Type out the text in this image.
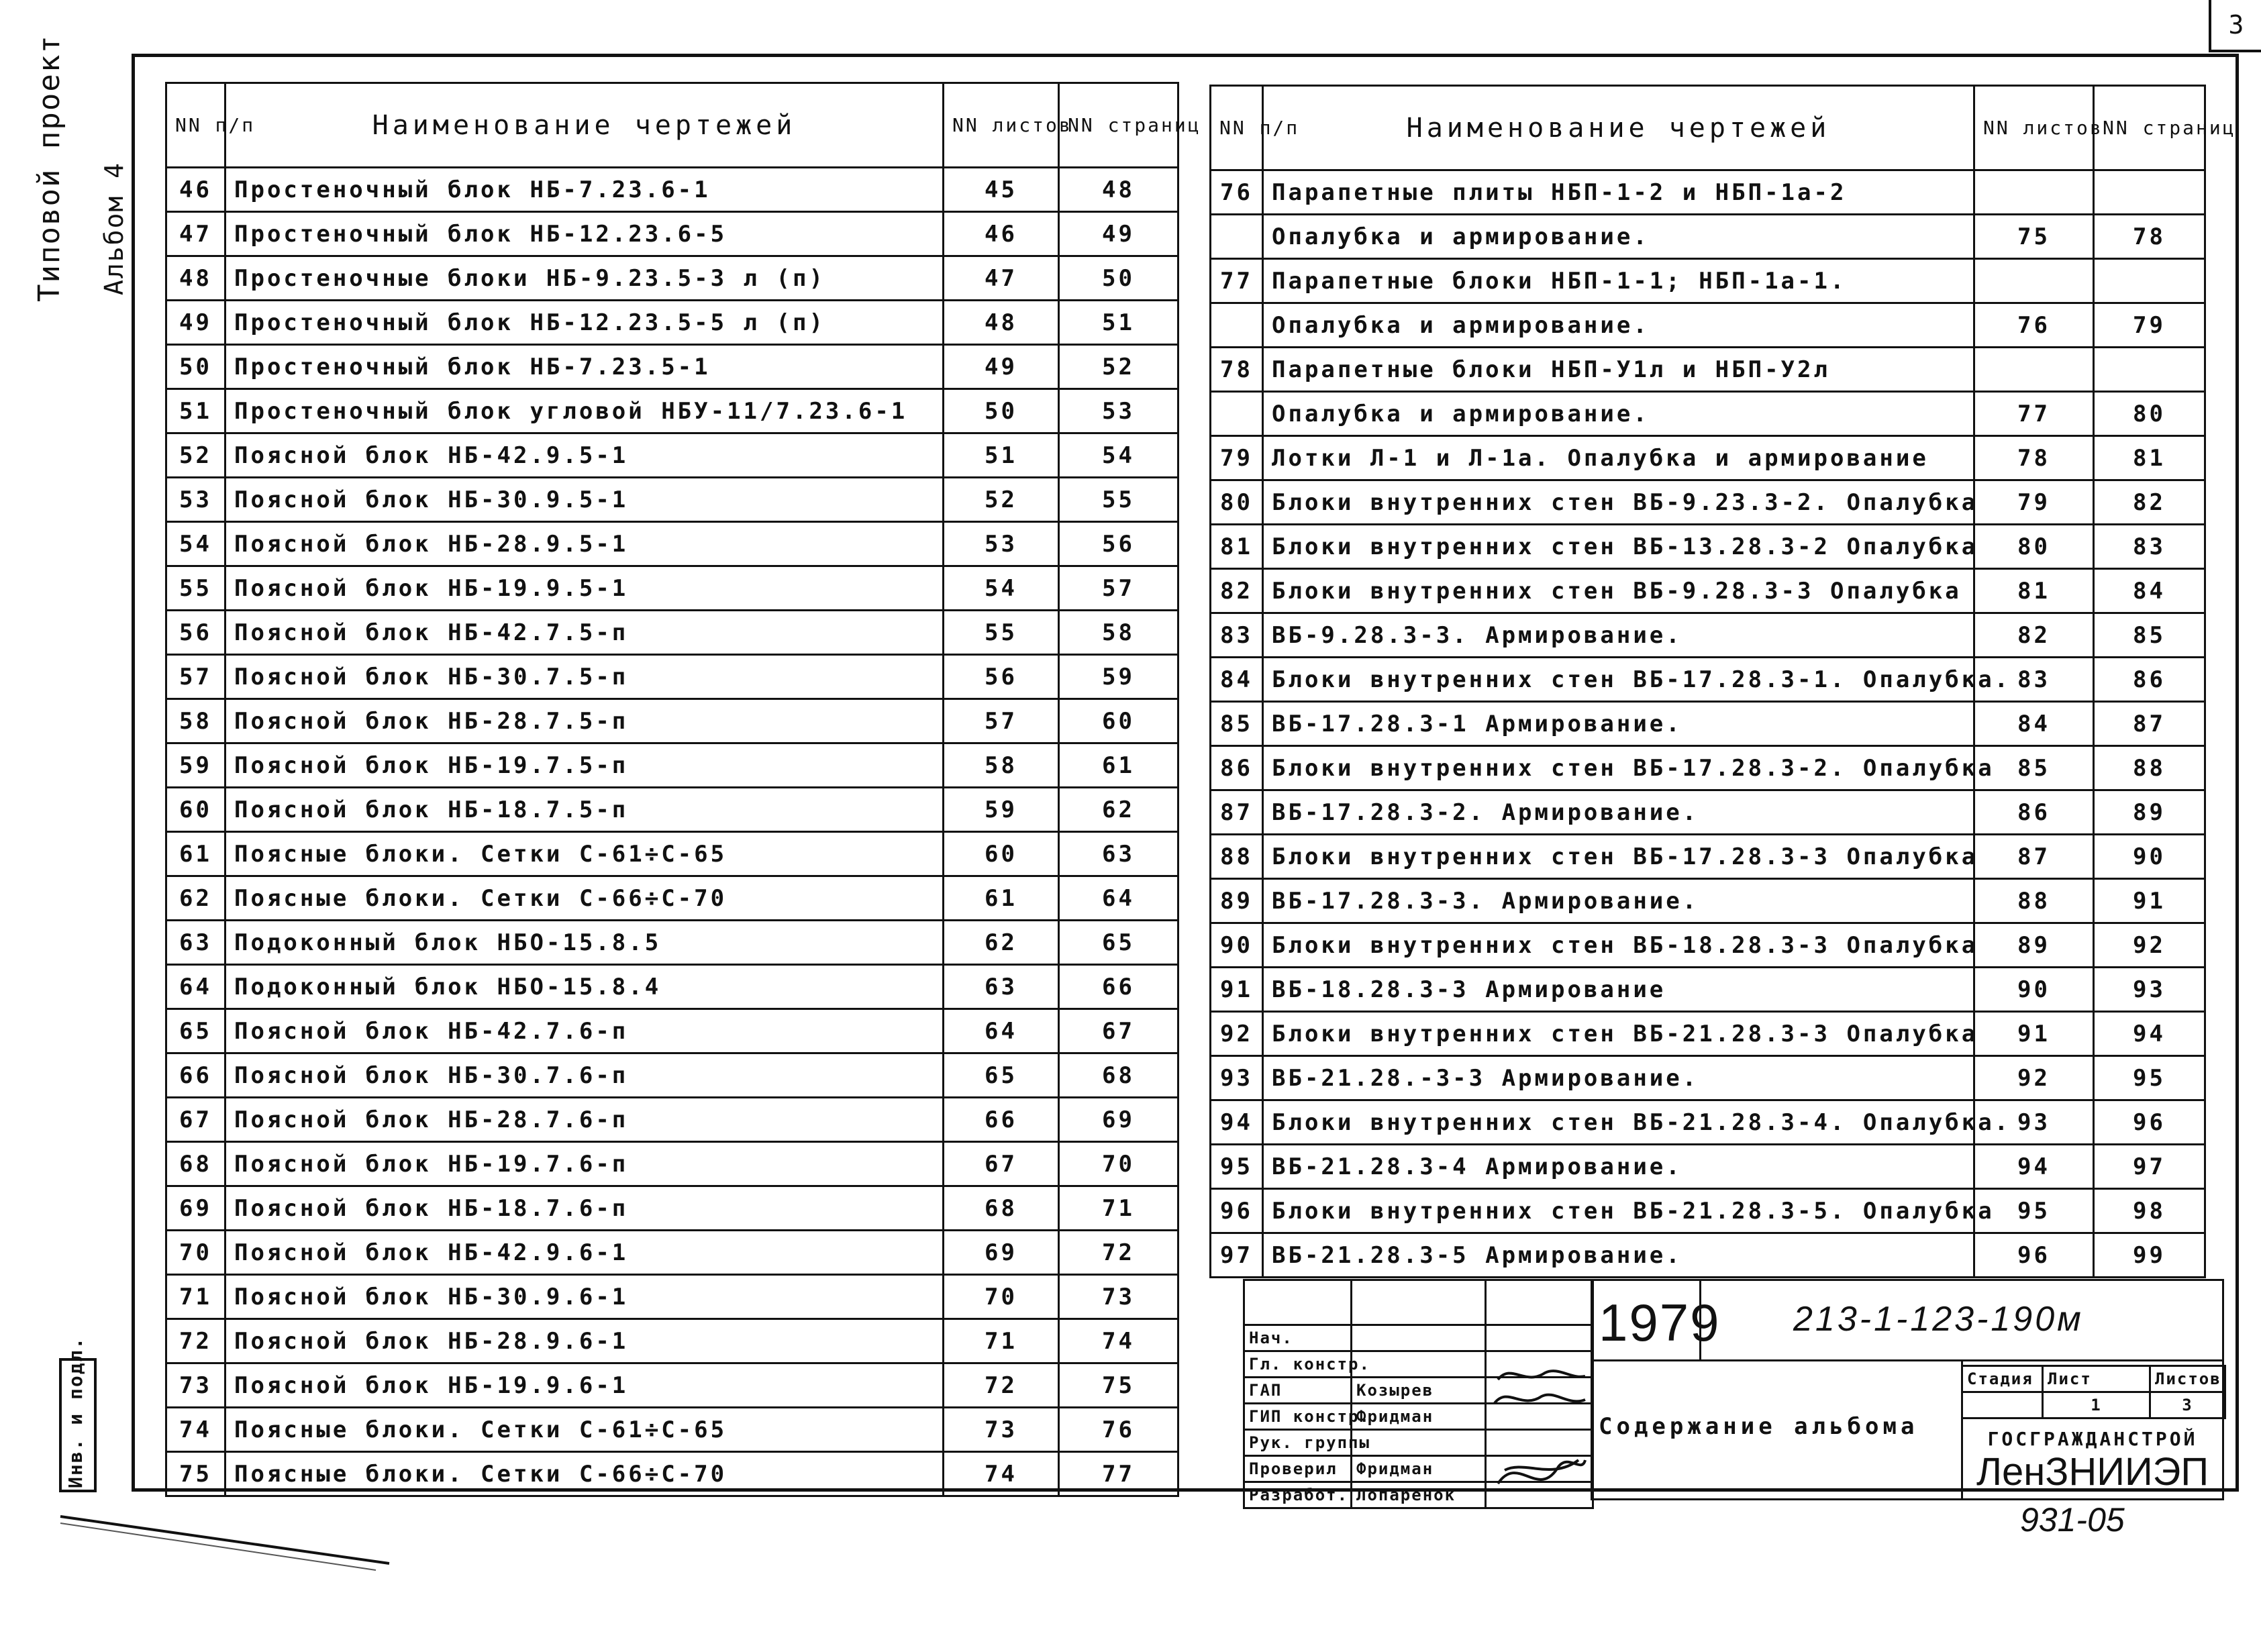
3
Типовой проект Альбом 4
Инв. и подл.
NN п/п	Наименование чертежей	NN листов	NN страниц
46	Простеночный блок НБ-7.23.6-1	45	48
47	Простеночный блок НБ-12.23.6-5	46	49
48	Простеночные блоки НБ-9.23.5-3 л (п)	47	50
49	Простеночный блок НБ-12.23.5-5 л (п)	48	51
50	Простеночный блок НБ-7.23.5-1	49	52
51	Простеночный блок угловой НБУ-11/7.23.6-1	50	53
52	Поясной блок НБ-42.9.5-1	51	54
53	Поясной блок НБ-30.9.5-1	52	55
54	Поясной блок НБ-28.9.5-1	53	56
55	Поясной блок НБ-19.9.5-1	54	57
56	Поясной блок НБ-42.7.5-п	55	58
57	Поясной блок НБ-30.7.5-п	56	59
58	Поясной блок НБ-28.7.5-п	57	60
59	Поясной блок НБ-19.7.5-п	58	61
60	Поясной блок НБ-18.7.5-п	59	62
61	Поясные блоки. Сетки С-61÷С-65	60	63
62	Поясные блоки. Сетки С-66÷С-70	61	64
63	Подоконный блок НБО-15.8.5	62	65
64	Подоконный блок НБО-15.8.4	63	66
65	Поясной блок НБ-42.7.6-п	64	67
66	Поясной блок НБ-30.7.6-п	65	68
67	Поясной блок НБ-28.7.6-п	66	69
68	Поясной блок НБ-19.7.6-п	67	70
69	Поясной блок НБ-18.7.6-п	68	71
70	Поясной блок НБ-42.9.6-1	69	72
71	Поясной блок НБ-30.9.6-1	70	73
72	Поясной блок НБ-28.9.6-1	71	74
73	Поясной блок НБ-19.9.6-1	72	75
74	Поясные блоки. Сетки С-61÷С-65	73	76
75	Поясные блоки. Сетки С-66÷С-70	74	77
NN п/п	Наименование чертежей	NN листов	NN страниц
76	Парапетные плиты НБП-1-2 и НБП-1а-2		
	Опалубка и армирование.	75	78
77	Парапетные блоки НБП-1-1; НБП-1а-1.		
	Опалубка и армирование.	76	79
78	Парапетные блоки НБП-У1л и НБП-У2л		
	Опалубка и армирование.	77	80
79	Лотки Л-1 и Л-1а. Опалубка и армирование	78	81
80	Блоки внутренних стен ВБ-9.23.3-2. Опалубка	79	82
81	Блоки внутренних стен ВБ-13.28.3-2 Опалубка	80	83
82	Блоки внутренних стен ВБ-9.28.3-3 Опалубка	81	84
83	ВБ-9.28.3-3. Армирование.	82	85
84	Блоки внутренних стен ВБ-17.28.3-1. Опалубка.	83	86
85	ВБ-17.28.3-1 Армирование.	84	87
86	Блоки внутренних стен ВБ-17.28.3-2. Опалубка	85	88
87	ВБ-17.28.3-2. Армирование.	86	89
88	Блоки внутренних стен ВБ-17.28.3-3 Опалубка	87	90
89	ВБ-17.28.3-3. Армирование.	88	91
90	Блоки внутренних стен ВБ-18.28.3-3 Опалубка	89	92
91	ВБ-18.28.3-3 Армирование	90	93
92	Блоки внутренних стен ВБ-21.28.3-3 Опалубка	91	94
93	ВБ-21.28.-3-3 Армирование.	92	95
94	Блоки внутренних стен ВБ-21.28.3-4. Опалубка.	93	96
95	ВБ-21.28.3-4 Армирование.	94	97
96	Блоки внутренних стен ВБ-21.28.3-5. Опалубка	95	98
97	ВБ-21.28.3-5 Армирование.	96	99

Нач.		
Гл. констр.		
ГАП	Козырев	
ГИП констр.	Фридман	
Рук. группы		
Проверил	Фридман	
Разработ.	Лопаренок	
1979 213-1-123-190м
Содержание альбома
Стадия	Лист	Листов
	1	3
ГОСГРАЖДАНСТРОЙ
ЛенЗНИИЭП
931-05
